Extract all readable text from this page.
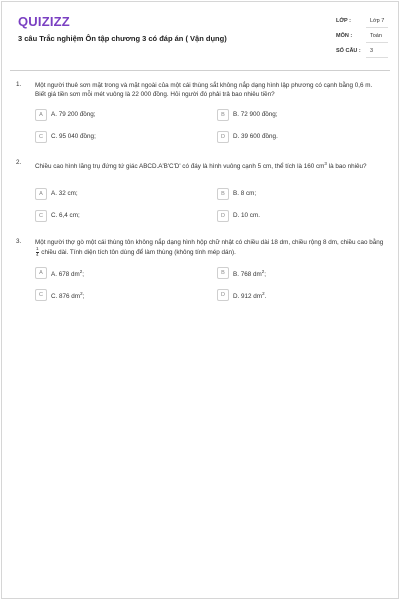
QUIZIZZ
3 câu Trắc nghiệm Ôn tập chương 3 có đáp án ( Vận dụng)
LỚP :	Lớp 7
MÔN :	Toán
SỐ CÂU : 3
1. Một người thuê sơn mặt trong và mặt ngoài của một cái thùng sắt không nắp dạng hình lập phương có cạnh bằng 0,6 m. Biết giá tiền sơn mỗi mét vuông là 22 000 đồng. Hỏi người đó phải trả bao nhiêu tiền?
A	A. 79 200 đồng;	B	B. 72 900 đồng;
C	C. 95 040 đồng;	D	D. 39 600 đồng.
2.
Chiều cao hình lăng trụ đứng tứ giác ABCD.A'B'C'D' có đáy là hình vuông cạnh 5 cm, thể tích là 160 $cm^3$ là bao nhiêu?
A	A. 32 cm;	B	B. 8 cm;
C	C. 6,4 cm;	D	D. 10 cm.
3. Một người thợ gò một cái thùng tôn không nắp dạng hình hộp chữ nhật có chiều dài 18 dm, chiều rộng 8 dm, chiều cao bằng
$\frac{1}{4}$ chiều dài. Tính diện tích tôn dùng để làm thùng (không tính mép dán).
A	A. 678 $dm^2$;	B	B. 768 $dm^2$;
C	C. 876 $dm^2$;	D	D. 912 $dm^2$.
